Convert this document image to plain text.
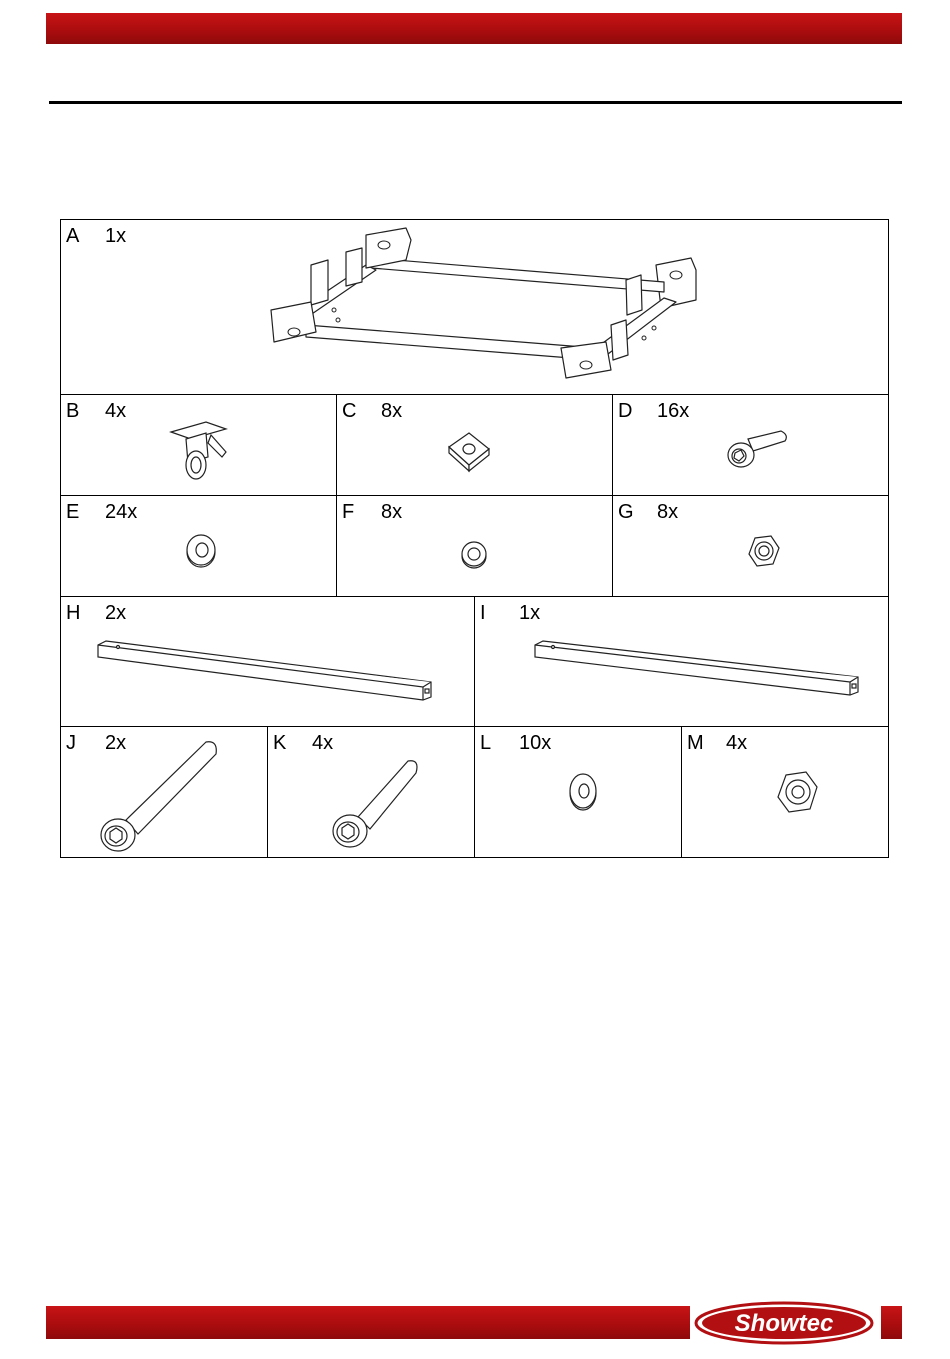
A 1x
B 4x	C 8x	D 16x
E 24x	F 8x	G 8x
H 2x	I 1x
J 2x	K 4x	L 10x	M 4x
Showtec
